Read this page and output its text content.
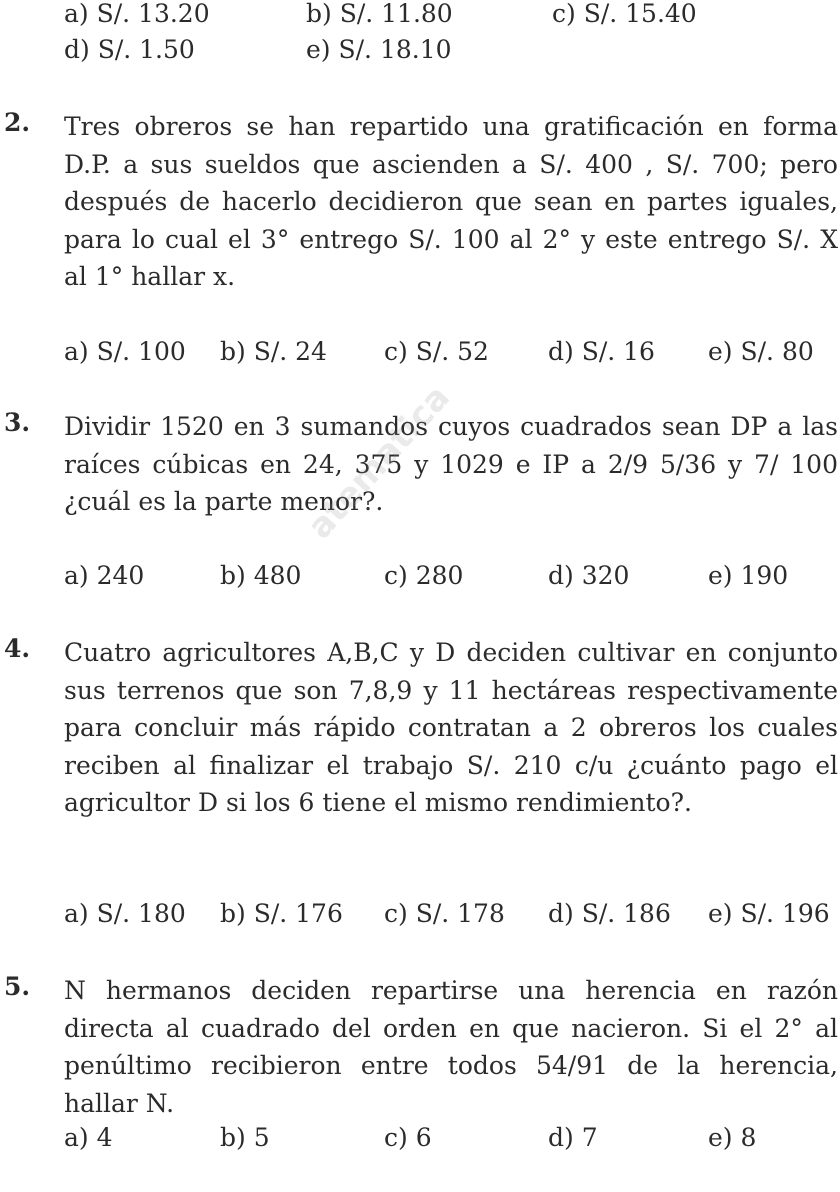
a) S/. 13.20	b) S/. 11.80	c) S/. 15.40
d) S/. 1.50	e) S/. 18.10
2. Tres obreros se han repartido una gratificación en forma D.P. a sus sueldos que ascienden a S/. 400 , S/. 700; pero después de hacerlo decidieron que sean en partes iguales, para lo cual el 3° entrego S/. 100 al 2° y este entrego S/. X al 1° hallar x.
a) S/. 100 b) S/. 24 c) S/. 52 d) S/. 16 e) S/. 80
3. Dividir 1520 en 3 sumandos cuyos cuadrados sean DP a las raíces cúbicas en 24, 375 y 1029 e IP a 2/9 5/36 y 7/ 100 ¿cuál es la parte menor?.
a) 240	b) 480	c) 280	d) 320	e) 190
4. Cuatro agricultores A,B,C y D deciden cultivar en conjunto sus terrenos que son 7,8,9 y 11 hectáreas respectivamente para concluir más rápido contratan a 2 obreros los cuales reciben al finalizar el trabajo S/. 210 c/u ¿cuánto pago el agricultor D si los 6 tiene el mismo rendimiento?.
a) S/. 180 b) S/. 176 c) S/. 178 d) S/. 186 e) S/. 196
5. N hermanos deciden repartirse una herencia en razón directa al cuadrado del orden en que nacieron. Si el 2° al penúltimo recibieron entre todos 54/91 de la herencia, hallar N.
a) 4	b) 5	c) 6	d) 7	e) 8
atematica
